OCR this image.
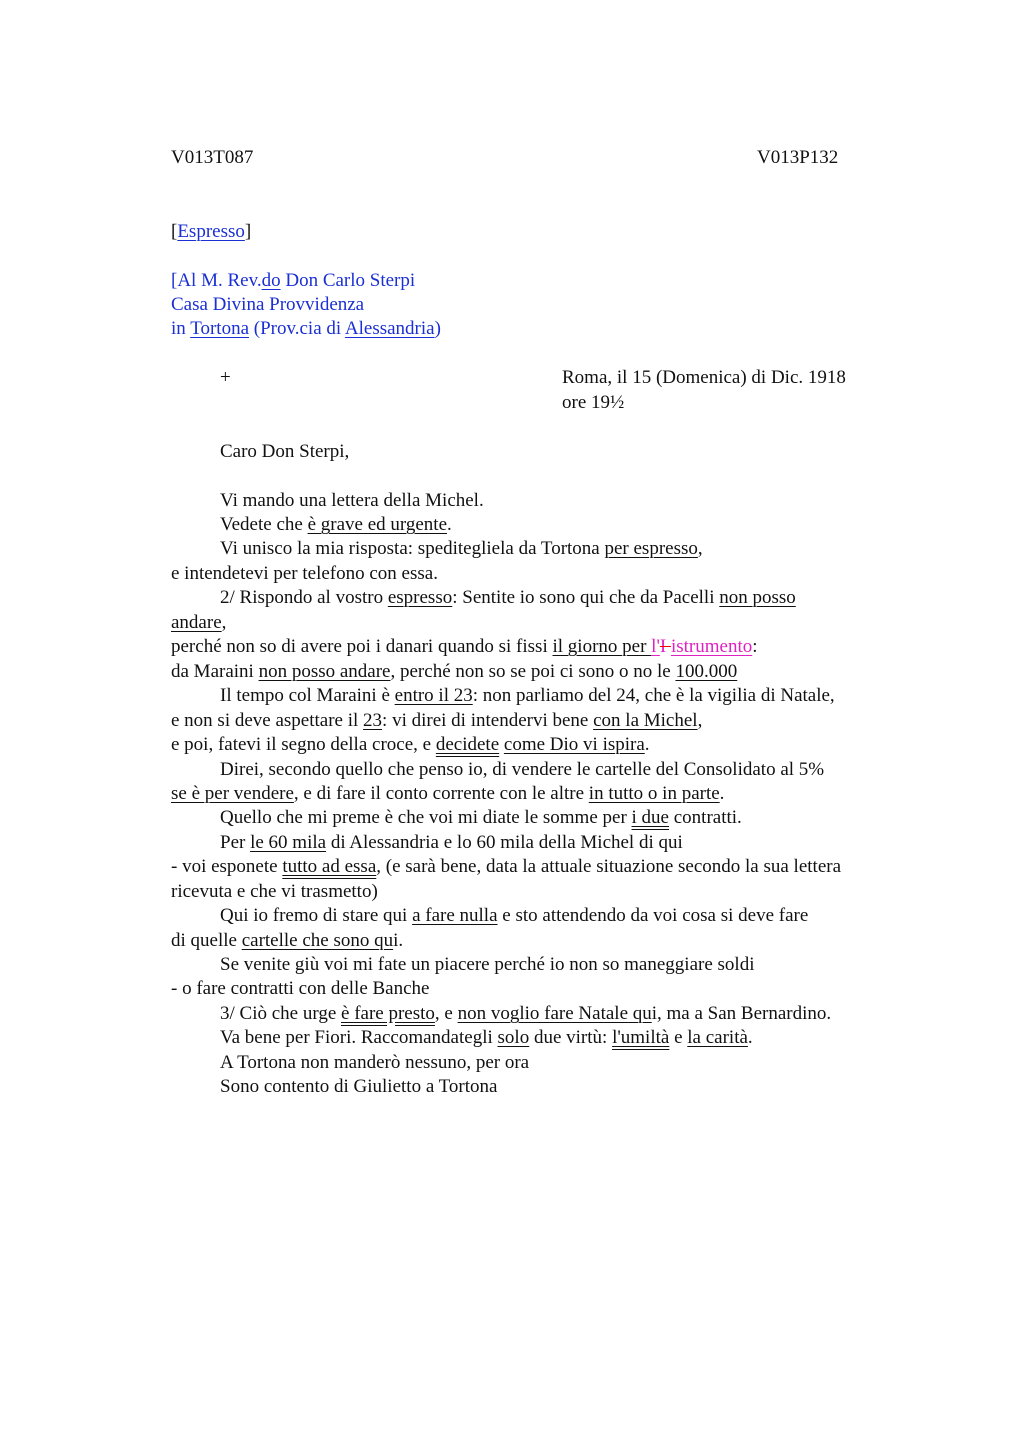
V013T087	V013P132
[Espresso]
[Al M. Rev.do Don Carlo Sterpi
Casa Divina Provvidenza
in Tortona (Prov.cia di Alessandria)
+	Roma, il 15 (Domenica) di Dic. 1918
ore 19½
Caro Don Sterpi,
Vi mando una lettera della Michel.
Vedete che è grave ed urgente.
Vi unisco la mia risposta: speditegliela da Tortona per espresso,
e intendetevi per telefono con essa.
2/ Rispondo al vostro espresso: Sentite io sono qui che da Pacelli non posso
andare,
perché non so di avere poi i danari quando si fissi il giorno per l'I istrumento:
da Maraini non posso andare, perché non so se poi ci sono o no le 100.000
Il tempo col Maraini è entro il 23: non parliamo del 24, che è la vigilia di Natale,
e non si deve aspettare il 23: vi direi di intendervi bene con la Michel,
e poi, fatevi il segno della croce, e decidete come Dio vi ispira.
Direi, secondo quello che penso io, di vendere le cartelle del Consolidato al 5%
se è per vendere, e di fare il conto corrente con le altre in tutto o in parte.
Quello che mi preme è che voi mi diate le somme per i due contratti.
Per le 60 mila di Alessandria e lo 60 mila della Michel di qui
- voi esponete tutto ad essa, (e sarà bene, data la attuale situazione secondo la sua lettera
ricevuta e che vi trasmetto)
Qui io fremo di stare qui a fare nulla e sto attendendo da voi cosa si deve fare
di quelle cartelle che sono qui.
Se venite giù voi mi fate un piacere perché io non so maneggiare soldi
- o fare contratti con delle Banche
3/ Ciò che urge è fare presto, e non voglio fare Natale qui, ma a San Bernardino.
Va bene per Fiori. Raccomandategli solo due virtù: l'umiltà e la carità.
A Tortona non manderò nessuno, per ora
Sono contento di Giulietto a Tortona
